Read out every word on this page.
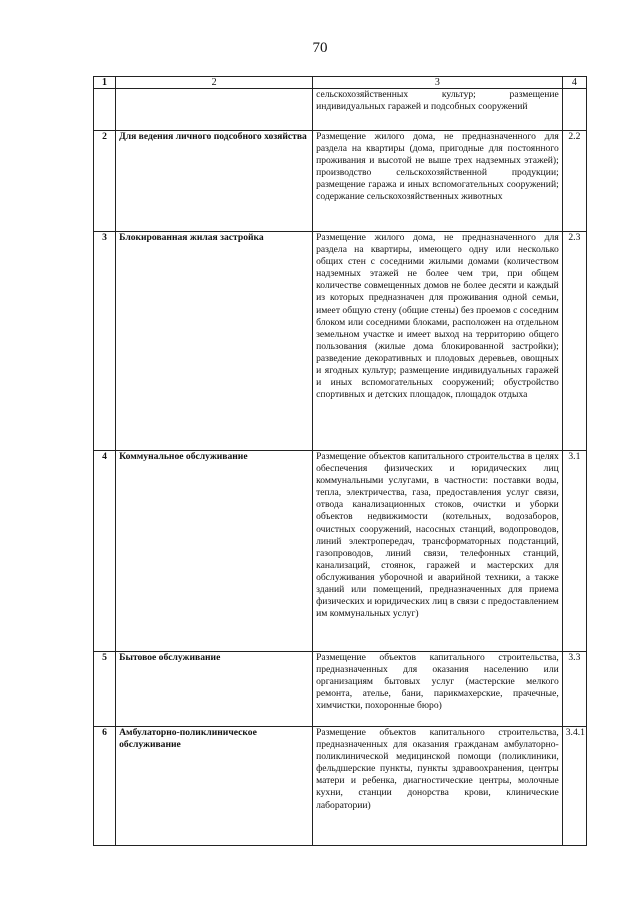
70
1	2	3	4
		сельскохозяйственных культур; размещение индивидуальных гаражей и подсобных сооружений	
2	Для ведения личного подсобного хозяйства	Размещение жилого дома, не предназначенного для раздела на квартиры (дома, пригодные для постоянного проживания и высотой не выше трех надземных этажей); производство сельскохозяйственной продукции; размещение гаража и иных вспомогательных сооружений; содержание сельскохозяйственных животных	2.2
3	Блокированная жилая застройка	Размещение жилого дома, не предназначенного для раздела на квартиры, имеющего одну или несколько общих стен с соседними жилыми домами (количеством надземных этажей не более чем три, при общем количестве совмещенных домов не более десяти и каждый из которых предназначен для проживания одной семьи, имеет общую стену (общие стены) без проемов с соседним блоком или соседними блоками, расположен на отдельном земельном участке и имеет выход на территорию общего пользования (жилые дома блокированной застройки); разведение декоративных и плодовых деревьев, овощных и ягодных культур; размещение индивидуальных гаражей и иных вспомогательных сооружений; обустройство спортивных и детских площадок, площадок отдыха	2.3
4	Коммунальное обслуживание	Размещение объектов капитального строительства в целях обеспечения физических и юридических лиц коммунальными услугами, в частности: поставки воды, тепла, электричества, газа, предоставления услуг связи, отвода канализационных стоков, очистки и уборки объектов недвижимости (котельных, водозаборов, очистных сооружений, насосных станций, водопроводов, линий электропередач, трансформаторных подстанций, газопроводов, линий связи, телефонных станций, канализаций, стоянок, гаражей и мастерских для обслуживания уборочной и аварийной техники, а также зданий или помещений, предназначенных для приема физических и юридических лиц в связи с предоставлением им коммунальных услуг)	3.1
5	Бытовое обслуживание	Размещение объектов капитального строительства, предназначенных для оказания населению или организациям бытовых услуг (мастерские мелкого ремонта, ателье, бани, парикмахерские, прачечные, химчистки, похоронные бюро)	3.3
6	Амбулаторно-поликлиническое обслуживание	Размещение объектов капитального строительства, предназначенных для оказания гражданам амбулаторно-поликлинической медицинской помощи (поликлиники, фельдшерские пункты, пункты здравоохранения, центры матери и ребенка, диагностические центры, молочные кухни, станции донорства крови, клинические лаборатории)	3.4.1
